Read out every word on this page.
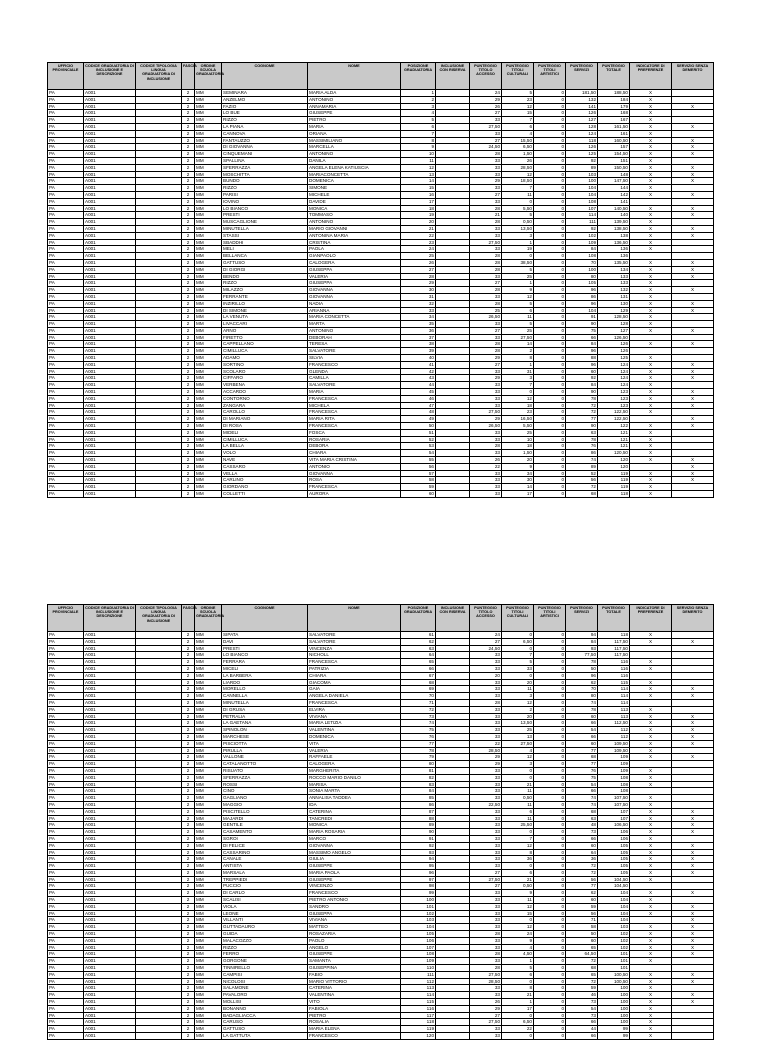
UFFICIO PROVINCIALE	CODICE GRADUATORIA DI INCLUSIONE E DESCRIZIONE	CODICE TIPOLOGIA LINGUA GRADUATORIA DI INCLUSIONE	FASCIA	ORDINE SCUOLA GRADUATORIA	COGNOME	NOME	POSIZIONE GRADUATORIA	INCLUSIONE CON RISERVA	PUNTEGGIO TITOLO ACCESSO	PUNTEGGIO TITOLI CULTURALI	PUNTEGGIO TITOLI ARTISTICI	PUNTEGGIO SERVIZI	PUNTEGGIO TOTALE	INDICATORE DI PREFERENZE	SERVIZIO SENZA DEMERITO
PA	A001		2	MM	SEMINARA	MARIA ALDA	1		24	5	0	181,50	188,50	X	
PA	A001		2	MM	ANZELMO	ANTONINO	2		29	23	0	132	184	X	
PA	A001		2	MM	FAZIO	ANNAMARIA	3		26	12	0	141	179	X	X
PA	A001		2	MM	LO BUE	GIUSEPPE	4		27	15	0	126	168	X	
PA	A001		2	MM	RIZZO	PIETRO	5		33	7	0	127	167	X	
PA	A001		2	MM	LA PIANA	MARIA	6		27,50	6	0	128	161,50	X	X
PA	A001		2	MM	CANNOVA	ORIANA	7		33	4	0	124	161	X	
PA	A001		2	MM	FANTAUZZO	MASSIMILIANO	8		27	15,50	0	118	160,50	X	X
PA	A001		2	MM	DI GIOVANNA	MARCELLA	9		24,50	6,50	0	126	157	X	X
PA	A001		2	MM	CINQUEMANI	ANTONINO	10		28	1,50	0	125	154,50	X	X
PA	A001		2	MM	SPALLINA	DANILA	11		33	26	0	92	151	X	
PA	A001		2	MM	SFERRAZZA	ANGELA ELENA KATIUSCIA	12		33	28,50	0	89	150,50	X	X
PA	A001		2	MM	MOSCHITTA	MARIACONCETTA	13		33	12	0	103	148	X	X
PA	A001		2	MM	BUNDO	DOMENICA	14		29	18,50	0	100	147,50	X	X
PA	A001		2	MM	RIZZO	SIMONE	15		33	7	0	104	144	X	
PA	A001		2	MM	PARISI	MICHELE	16		27	11	0	104	142	X	X
PA	A001		2	MM	IOVINO	DAVIDE	17		33	0	0	108	141		
PA	A001		2	MM	LO BIANCO	MONICA	18		28	5,50	0	107	140,50	X	X
PA	A001		2	MM	PRESTI	TOMMASO	19		21	5	0	114	140	X	X
PA	A001		2	MM	MUSCAGLIONE	ANTONINO	20		28	0,50	0	111	139,50	X	
PA	A001		2	MM	MINUTELLA	MARIO GIOVANNI	21		33	13,50	0	92	138,50	X	X
PA	A001		2	MM	STASSI	ANTONINA MARIA	22		33	3	0	102	138	X	X
PA	A001		2	MM	SBADDHI	CRISTINA	23		27,50	1	0	109	136,50	X	
PA	A001		2	MM	MELI	PAOLA	24		33	19	0	84	136	X	
PA	A001		2	MM	BELLANCA	GIANPAOLO	25		28	0	0	108	136		
PA	A001		2	MM	GATTUSO	CALOGERA	26		28	38,50	0	70	135,50	X	X
PA	A001		2	MM	DI GIORGI	GIUSEPPA	27		28	5	0	100	134	X	X
PA	A001		2	MM	BENDO	VALERIA	28		33	25	0	80	133	X	X
PA	A001		2	MM	RIZZO	GIUSEPPA	29		27	1	0	105	133	X	
PA	A001		2	MM	MILAZZO	GIOVANNA	30		28	9	0	96	132	X	X
PA	A001		2	MM	FERRANTE	GIOVANNA	31		33	12	0	86	131	X	
PA	A001		2	MM	INZIRILLO	NADIA	32		28	5	0	96	130	X	X
PA	A001		2	MM	DI SIMONE	ARIANNA	33		25	6	0	104	129	X	X
PA	A001		2	MM	LA VENUTA	MARIA CONCETTA	34		26,50	11	0	91	128,50	X	
PA	A001		2	MM	LIVACCARI	MARTA	35		33	5	0	90	128	X	
PA	A001		2	MM	ARNO	ANTONINO	36		27	25	0	75	127	X	X
PA	A001		2	MM	FIRETTO	DEBORAH	37		33	27,50	0	66	126,50		
PA	A001		2	MM	CAPPELLANO	TERESA	38		28	14	0	84	126	X	X
PA	A001		2	MM	CIMILLUCA	SALVATORE	39		28	2	0	96	126		
PA	A001		2	MM	ADAMO	SILVIA	40		29	8	0	88	125	X	
PA	A001		2	MM	SORTINO	FRANCESCO	41		27	1	0	96	124	X	X
PA	A001		2	MM	SCOLARO	GLENDA	42		33	31	0	60	124	X	X
PA	A001		2	MM	CIFFARO	CAMILLA	43		29	3	0	92	124	X	X
PA	A001		2	MM	VERBENA	SALVATORE	44		33	7	0	84	124	X	
PA	A001		2	MM	ACCARDO	MARIA	45		33	0	0	90	123	X	X
PA	A001		2	MM	CONTORNO	FRANCESCA	46		33	12	0	78	123	X	X
PA	A001		2	MM	ZANGARA	MICHELA	47		33	18	0	72	123	X	X
PA	A001		2	MM	CAROLLO	FRANCESCA	48		27,50	23	0	72	122,50	X	
PA	A001		2	MM	DI MARIANO	MARIA RITA	49		29	16,50	0	77	122,50		X
PA	A001		2	MM	DI ROSA	FRANCESCA	50		26,50	5,50	0	90	122	X	X
PA	A001		2	MM	MIDELI	FOSCA	51		33	25	0	63	121	X	
PA	A001		2	MM	CIMILLUCA	ROSARIA	52		33	10	0	78	121	X	
PA	A001		2	MM	LA BELLA	DEBORA	53		28	18	0	76	121	X	
PA	A001		2	MM	VOLO	CHIARA	54		33	1,50	0	86	120,50	X	
PA	A001		2	MM	NAVE	VITA MARIA CRISTINA	55		26	20	0	74	120	X	X
PA	A001		2	MM	CASSARO	ANTONIO	56		22	9	0	89	120		X
PA	A001		2	MM	VELLA	GIOVANNA	57		33	34	0	52	119	X	X
PA	A001		2	MM	CARLINO	ROSA	58		33	30	0	56	119	X	X
PA	A001		2	MM	GIORDANO	FRANCESCA	59		33	14	0	72	119	X	
PA	A001		2	MM	COLLETTI	AURORA	60		33	17	0	68	118	X	
UFFICIO PROVINCIALE	CODICE GRADUATORIA DI INCLUSIONE E DESCRIZIONE	CODICE TIPOLOGIA LINGUA GRADUATORIA DI INCLUSIONE	FASCIA	ORDINE SCUOLA GRADUATORIA	COGNOME	NOME	POSIZIONE GRADUATORIA	INCLUSIONE CON RISERVA	PUNTEGGIO TITOLO ACCESSO	PUNTEGGIO TITOLI CULTURALI	PUNTEGGIO TITOLI ARTISTICI	PUNTEGGIO SERVIZI	PUNTEGGIO TOTALE	INDICATORE DI PREFERENZE	SERVIZIO SENZA DEMERITO
PA	A001		2	MM	SIPATA	SALVATORE	61		24	0	0	94	118	X	
PA	A001		2	MM	DAVI	SALVATORE	62		27	6,50	0	84	117,50	X	X
PA	A001		2	MM	PRESTI	VINCENZA	63		24,50	0	0	93	117,50		
PA	A001		2	MM	LO BIANCO	NICHOLL	64		33	7	0	77,50	117,50		
PA	A001		2	MM	FERRARA	FRANCESCA	65		33	5	0	78	116	X	
PA	A001		2	MM	MICELI	PATRIZIA	66		33	33	0	50	116	X	
PA	A001		2	MM	LA BARBERA	CHIARA	67		20	0	0	96	116		
PA	A001		2	MM	LIARDO	GIACOMA	68		33	20	0	62	115	X	
PA	A001		2	MM	MORELLO	GAIA	69		33	11	0	70	114	X	X
PA	A001		2	MM	CANNELLA	ANGELA DANIELA	70		33	3	0	80	114	X	X
PA	A001		2	MM	MINUTELLA	FRANCESCA	71		28	12	0	74	114		
PA	A001		2	MM	DI GRUSA	ELVIRA	72		33	2	0	78	113	X	
PA	A001		2	MM	PETRALIA	VIVIANA	73		33	20	0	60	113	X	X
PA	A001		2	MM	LA GAETANA	MARIA LETIZIA	74		33	13,50	0	66	112,50	X	X
PA	A001		2	MM	SPINOLON	VALENTINA	75		33	25	0	54	112	X	X
PA	A001		2	MM	MARCHESE	DOMENICA	76		33	13	0	66	112	X	X
PA	A001		2	MM	PISCIOTTA	VITA	77		22	27,50	0	60	109,50	X	X
PA	A001		2	MM	PIRULLA	VALERIA	78		28,50	4	0	77	109,50	X	
PA	A001		2	MM	VALLONE	RAFFAELE	79		29	12	0	68	109	X	X
PA	A001		2	MM	CATALANOTTO	CALOGERA	80		29	3	0	77	109		
PA	A001		2	MM	RISUATO	MARGHERITA	81		33	0	0	76	109	X	
PA	A001		2	MM	SFERRAZZA	ROCCO MARIO DANILO	82		33	0	0	75	108	X	
PA	A001		2	MM	ROSSI	MARISA	83		33	21	0	54	108	X	
PA	A001		2	MM	CINO	SONIA MARTA	84		33	11	0	66	108		
PA	A001		2	MM	GAGLIANO	ANNALISA TADDEA	85		33	0,50	0	74	107,50	X	
PA	A001		2	MM	MAGGIO	IDA	86		22,50	11	0	74	107,50	X	
PA	A001		2	MM	PISCITELLO	CATERINA	87		33	6	0	68	107	X	X
PA	A001		2	MM	MAJARDI	TANCREDI	88		33	11	0	63	107	X	X
PA	A001		2	MM	GENTILE	MONICA	89		33	25,50	0	48	106,50	X	X
PA	A001		2	MM	CASAMENTO	MARIA ROSARIA	90		33	0	0	73	106	X	X
PA	A001		2	MM	SGROI	MARCO	91		33	7	0	66	106	X	
PA	A001		2	MM	DI FELICE	GIOVANNA	92		33	12	0	60	105	X	X
PA	A001		2	MM	CASSARINO	MASSIMO ANGELO	93		33	8	0	64	105	X	X
PA	A001		2	MM	CANALE	GIULIA	94		33	36	0	36	105	X	X
PA	A001		2	MM	ANTISTA	GIUSEPPE	95		33	0	0	72	105	X	X
PA	A001		2	MM	MARSALA	MARIA PAOLA	96		27	6	0	72	105	X	X
PA	A001		2	MM	TREPPIEDI	GIUSEPPE	97		27,50	21	0	56	104,50	X	
PA	A001		2	MM	PUCCIO	VINCENZO	98		27	0,50	0	77	104,50		
PA	A001		2	MM	DI CARLO	FRANCESCO	99		33	9	0	62	104	X	X
PA	A001		2	MM	SCALISI	PIETRO ANTONIO	100		33	11	0	60	104	X	
PA	A001		2	MM	VIOLA	SANDRO	101		33	12	0	59	104	X	X
PA	A001		2	MM	LEONE	GIUSEPPA	102		33	15	0	56	104	X	X
PA	A001		2	MM	VILLANTI	VIVIANA	103		33	0	0	71	104		X
PA	A001		2	MM	GUTTADAURO	MATTEO	104		33	12	0	58	103	X	X
PA	A001		2	MM	GUIDA	ROSAZARIA	105		28	24	0	50	102	X	X
PA	A001		2	MM	MALACOZZO	PAOLO	106		33	9	0	60	102	X	X
PA	A001		2	MM	RIZZO	ANGELO	107		33	4	0	65	102	X	X
PA	A001		2	MM	FERRO	GIUSEPPE	108		28	4,50	0	64,50	101	X	X
PA	A001		2	MM	GORGONE	SAMANTA	109		33	1	0	72	101	X	
PA	A001		2	MM	TINNIRELLO	GIUSEPPINA	110		28	5	0	68	101		
PA	A001		2	MM	CAMPISI	FABIO	111		27,50	6	0	65	100,50	X	X
PA	A001		2	MM	NICOLOSI	MARIO VITTORIO	112		28,50	0	0	72	100,50	X	X
PA	A001		2	MM	SALAMONE	CATERINA	113		33	8	0	59	100	X	
PA	A001		2	MM	PAVALORO	VALENTINA	114		33	21	0	46	100	X	X
PA	A001		2	MM	MOLLISI	VITO	115		26	1	0	73	100	X	X
PA	A001		2	MM	BONANNO	FABIOLA	116		29	17	0	54	100	X	
PA	A001		2	MM	BADAGLIACCA	PIETRO	117		27	0	0	73	100	X	
PA	A001		2	MM	CARUSO	ROSALIA	118		27,50	6,50	0	66	100	X	
PA	A001		2	MM	GATTUSO	MARIA ELENA	119		33	22	0	44	99	X	
PA	A001		2	MM	LA GATTUTA	FRANCESCO	120		33	0	0	66	99	X	
